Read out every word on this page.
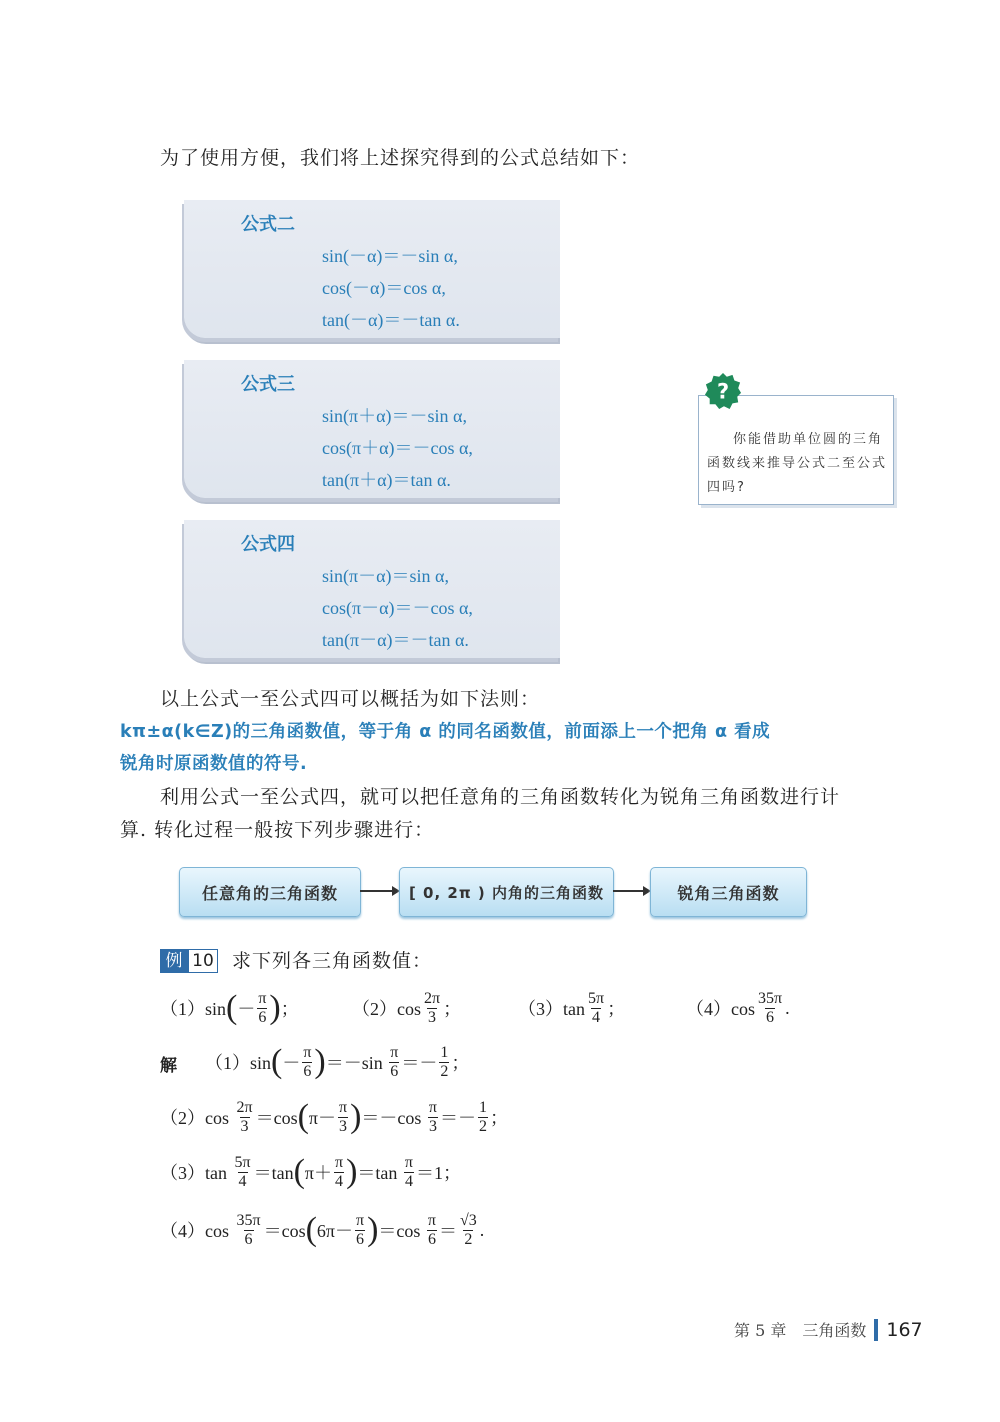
为了使用方便，我们将上述探究得到的公式总结如下：
公式二
sin(－α)＝－sin α,
cos(－α)＝cos α,
tan(－α)＝－tan α.
公式三
sin(π＋α)＝－sin α,
cos(π＋α)＝－cos α,
tan(π＋α)＝tan α.
公式四
sin(π－α)＝sin α,
cos(π－α)＝－cos α,
tan(π－α)＝－tan α.
你能借助单位圆的三角函数线来推导公式二至公式四吗?
?
以上公式一至公式四可以概括为如下法则：
kπ±α(k∈Z)的三角函数值，等于角 α 的同名函数值，前面添上一个把角 α 看成
锐角时原函数值的符号.
利用公式一至公式四，就可以把任意角的三角函数转化为锐角三角函数进行计
算. 转化过程一般按下列步骤进行：
任意角的三角函数	[ 0, 2π ) 内角的三角函数	锐角三角函数
例 10 求下列各三角函数值：
（1）sin ( － $\frac{\pi}{6}$ ) ；	$(2)\cos \frac{2\pi}{3}$ ；	$(3)\tan \frac{5\pi}{4}$ ；	$(4)\cos \frac{35\pi}{6}$ .
解 （1）sin ( － $\frac{\pi}{6}$ ) $=-\sin \frac{\pi}{6} =- \frac{1}{2}$ ；
$(2)\cos \frac{2\pi}{3} =\cos$ ( $\pi- \frac{\pi}{3}$ ) $=-\cos \frac{\pi}{3} =- \frac{1}{2}$ ；
$(3)\tan \frac{5\pi}{4} =\tan$ ( $\pi+ \frac{\pi}{4}$ ) $=\tan \frac{\pi}{4} =1$；
$(4)\cos \frac{35\pi}{6} =\cos$ ( $6\pi- \frac{\pi}{6}$ ) $=\cos \frac{\pi}{6} = \frac{√3}{2}$ .
第 5 章　三角函数 167
